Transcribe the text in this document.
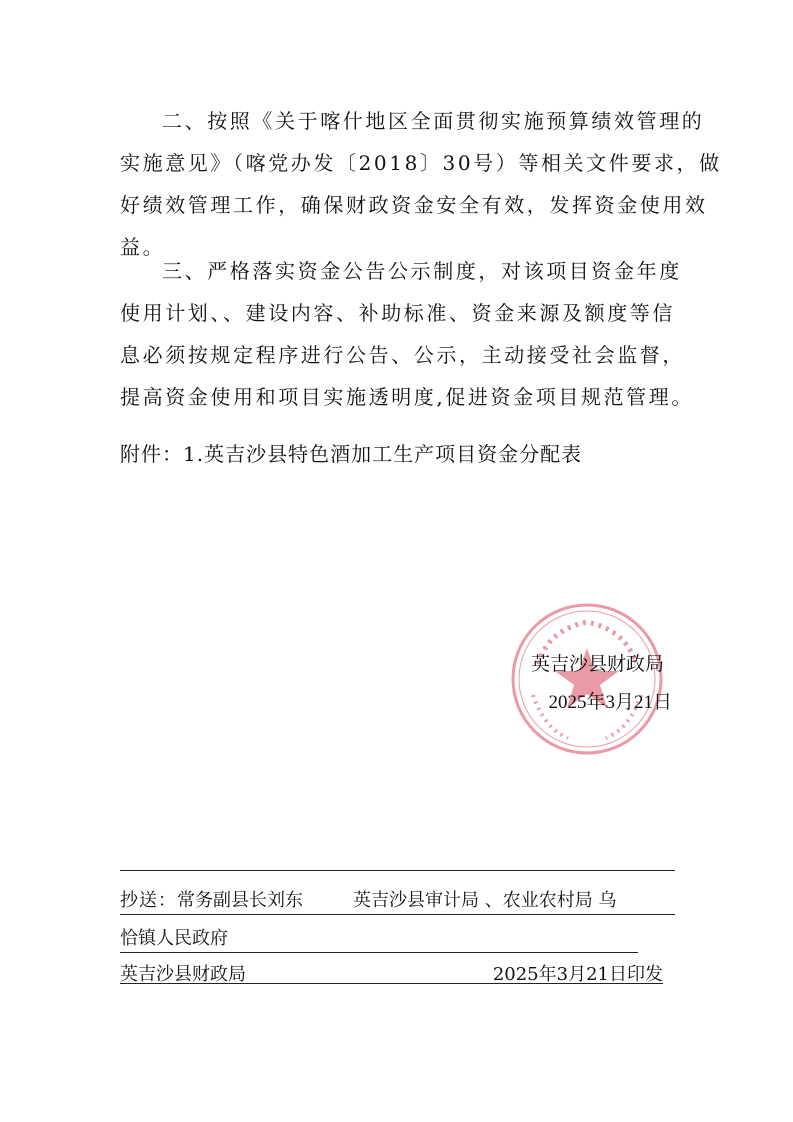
二、按照《关于喀什地区全面贯彻实施预算绩效管理的
实施意见》（喀党办发〔2018〕30号）等相关文件要求，做
好绩效管理工作，确保财政资金安全有效，发挥资金使用效
益。
三、严格落实资金公告公示制度，对该项目资金年度
使用计划、、建设内容、补助标准、资金来源及额度等信
息必须按规定程序进行公告、公示，主动接受社会监督，
提高资金使用和项目实施透明度,促进资金项目规范管理。
附件：1.英吉沙县特色酒加工生产项目资金分配表
英吉沙县财政局
2025年3月21日
抄送：常务副县长刘东	英吉沙县审计局 、农业农村局 乌
恰镇人民政府
英吉沙县财政局	2025年3月21日印发
